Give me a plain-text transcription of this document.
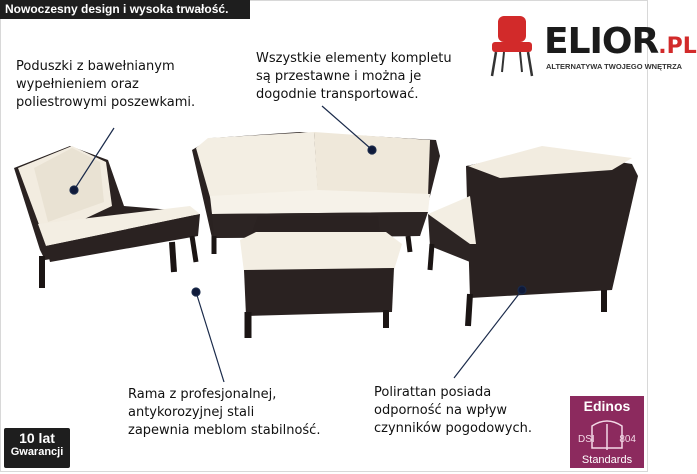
Nowoczesny design i wysoka trwałość.
ELIOR.PL
ALTERNATYWA TWOJEGO WNĘTRZA
Poduszki z bawełnianym
wypełnieniem oraz
poliestrowymi poszewkami.
Wszystkie elementy kompletu
są przestawne i można je
dogodnie transportować.
Rama z profesjonalnej,
antykorozyjnej stali
zapewnia meblom stabilność.
Polirattan posiada
odporność na wpływ
czynników pogodowych.
10 lat
Gwarancji
Edinos
DSI 804
Standards
